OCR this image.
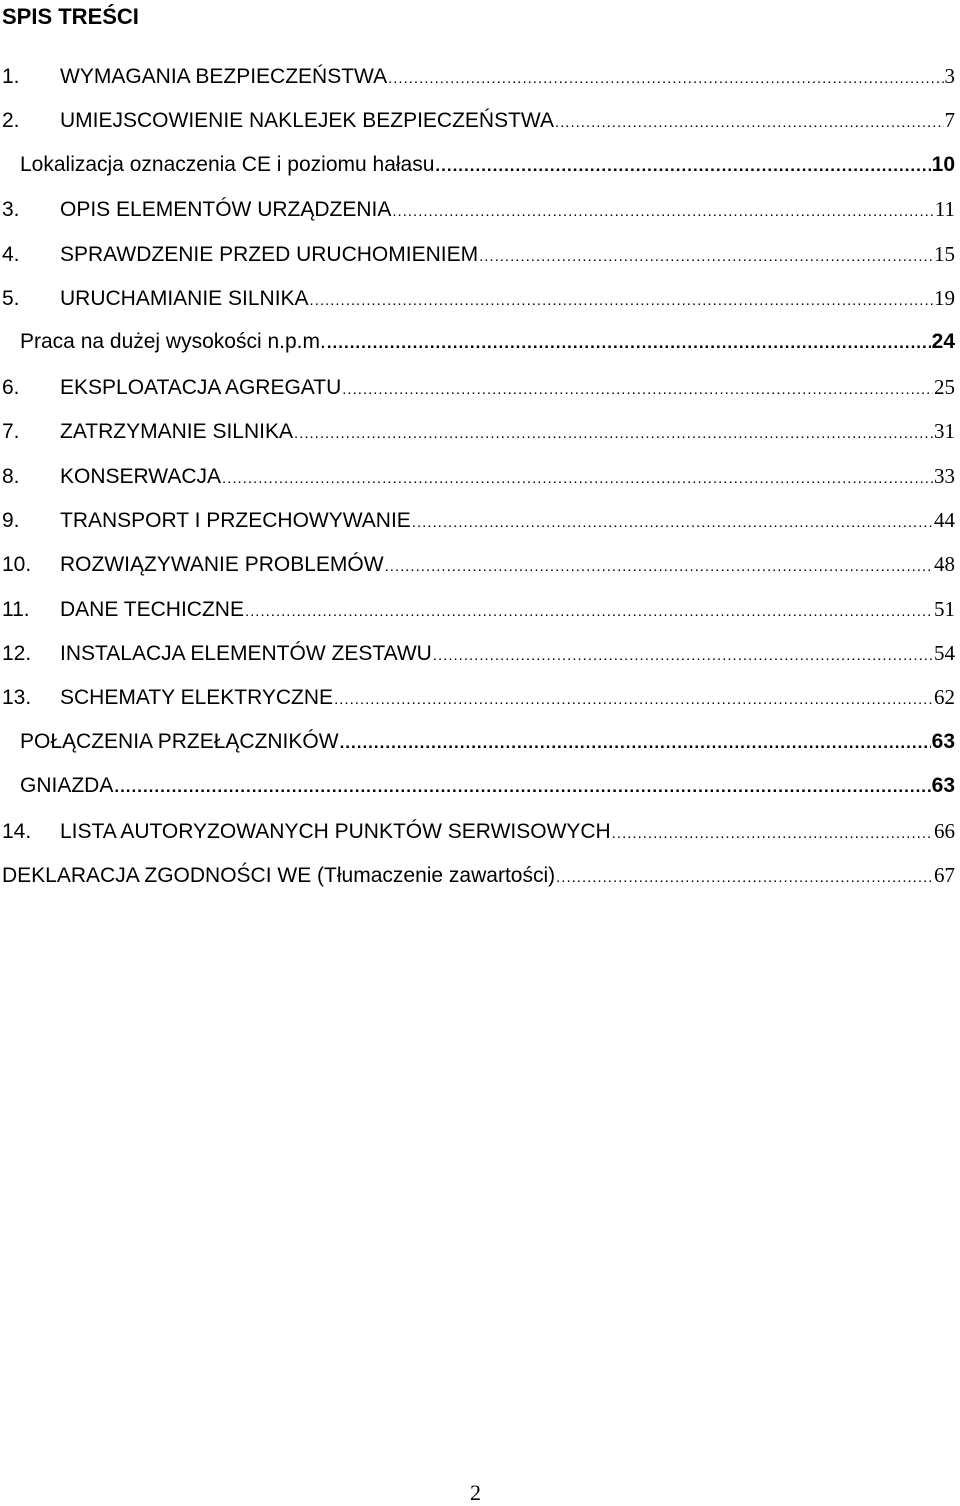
SPIS TREŚCI
1.	WYMAGANIA BEZPIECZEŃSTWA .....	3
2.	UMIEJSCOWIENIE NAKLEJEK BEZPIECZEŃSTWA .....	7
Lokalizacja oznaczenia CE i poziomu hałasu .....	10
3.	OPIS ELEMENTÓW URZĄDZENIA .....	11
4.	SPRAWDZENIE PRZED URUCHOMIENIEM .....	15
5.	URUCHAMIANIE SILNIKA .....	19
Praca na dużej wysokości n.p.m. .....	24
6.	EKSPLOATACJA AGREGATU .....	25
7.	ZATRZYMANIE SILNIKA .....	31
8.	KONSERWACJA .....	33
9.	TRANSPORT I PRZECHOWYWANIE .....	44
10.	ROZWIĄZYWANIE PROBLEMÓW .....	48
11.	DANE TECHICZNE .....	51
12.	INSTALACJA ELEMENTÓW ZESTAWU .....	54
13.	SCHEMATY ELEKTRYCZNE .....	62
POŁĄCZENIA PRZEŁĄCZNIKÓW .....	63
GNIAZDA .....	63
14.	LISTA AUTORYZOWANYCH PUNKTÓW SERWISOWYCH .....	66
DEKLARACJA ZGODNOŚCI WE (Tłumaczenie zawartości) .....	67
2
